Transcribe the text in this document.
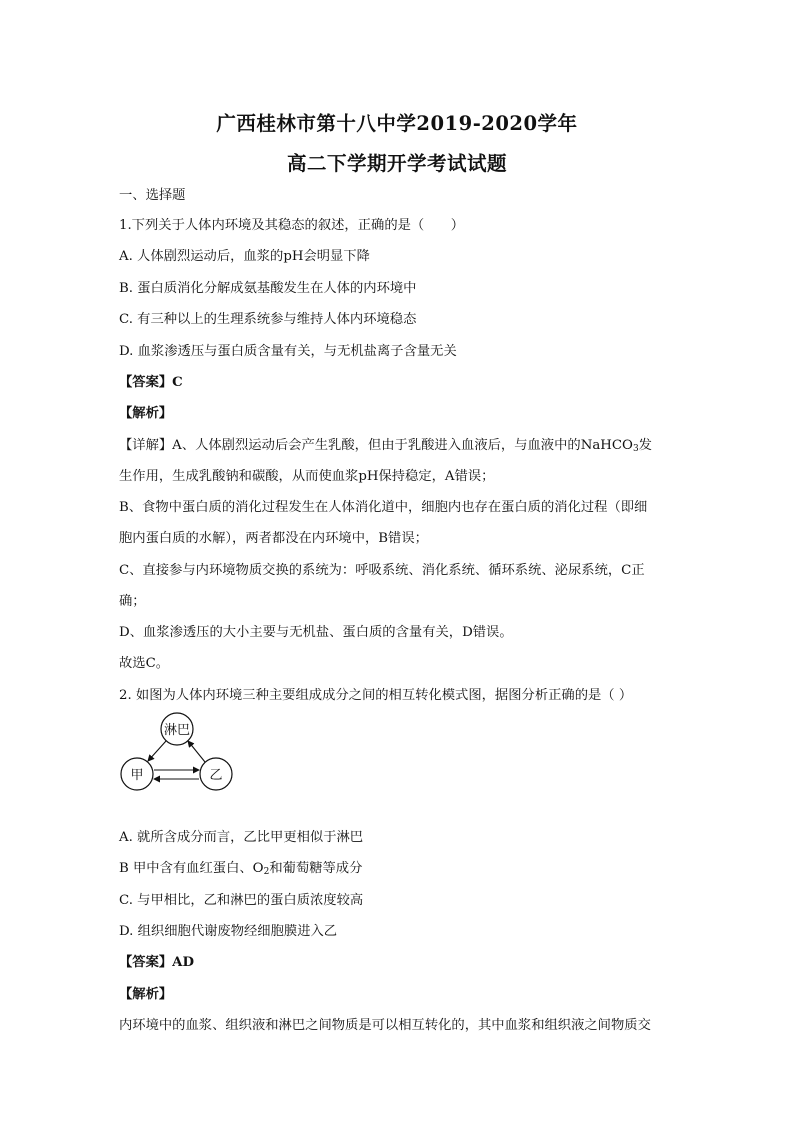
广西桂林市第十八中学2019-2020学年
高二下学期开学考试试题
一、选择题
1.下列关于人体内环境及其稳态的叙述，正确的是（　　）
A. 人体剧烈运动后，血浆的pH会明显下降
B. 蛋白质消化分解成氨基酸发生在人体的内环境中
C. 有三种以上的生理系统参与维持人体内环境稳态
D. 血浆渗透压与蛋白质含量有关，与无机盐离子含量无关
【答案】C
【解析】
【详解】A、人体剧烈运动后会产生乳酸，但由于乳酸进入血液后，与血液中的NaHCO$_3$发
生作用，生成乳酸钠和碳酸，从而使血浆pH保持稳定，A错误；
B、食物中蛋白质的消化过程发生在人体消化道中，细胞内也存在蛋白质的消化过程（即细
胞内蛋白质的水解），两者都没在内环境中，B错误；
C、直接参与内环境物质交换的系统为：呼吸系统、消化系统、循环系统、泌尿系统，C正
确；
D、血浆渗透压的大小主要与无机盐、蛋白质的含量有关，D错误。
故选C。
2. 如图为人体内环境三种主要组成成分之间的相互转化模式图，据图分析正确的是（ ）
淋巴
甲	乙
A. 就所含成分而言，乙比甲更相似于淋巴
B 甲中含有血红蛋白、$O_2$和葡萄糖等成分
C. 与甲相比，乙和淋巴的蛋白质浓度较高
D. 组织细胞代谢废物经细胞膜进入乙
【答案】AD
【解析】
内环境中的血浆、组织液和淋巴之间物质是可以相互转化的，其中血浆和组织液之间物质交
